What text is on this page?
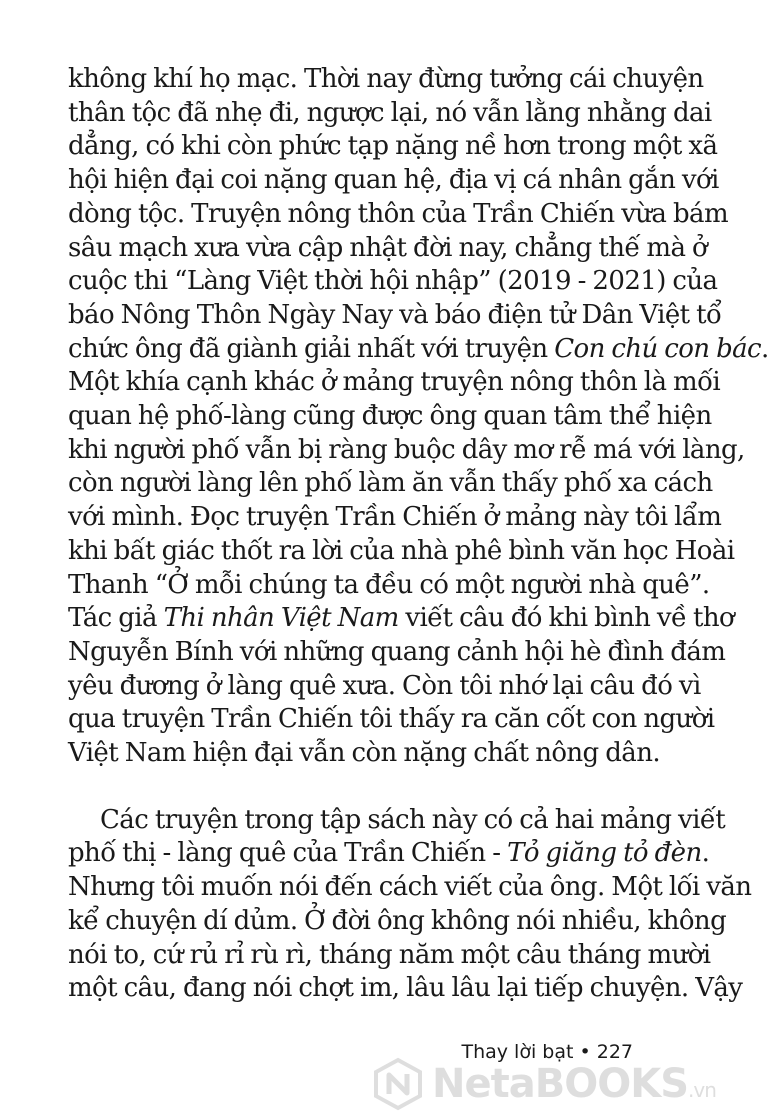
không khí họ mạc. Thời nay đừng tưởng cái chuyện
thân tộc đã nhẹ đi, ngược lại, nó vẫn lằng nhằng dai
dẳng, có khi còn phức tạp nặng nề hơn trong một xã
hội hiện đại coi nặng quan hệ, địa vị cá nhân gắn với
dòng tộc. Truyện nông thôn của Trần Chiến vừa bám
sâu mạch xưa vừa cập nhật đời nay, chẳng thế mà ở
cuộc thi “Làng Việt thời hội nhập” (2019 - 2021) của
báo Nông Thôn Ngày Nay và báo điện tử Dân Việt tổ
chức ông đã giành giải nhất với truyện Con chú con bác.
Một khía cạnh khác ở mảng truyện nông thôn là mối
quan hệ phố-làng cũng được ông quan tâm thể hiện
khi người phố vẫn bị ràng buộc dây mơ rễ má với làng,
còn người làng lên phố làm ăn vẫn thấy phố xa cách
với mình. Đọc truyện Trần Chiến ở mảng này tôi lẩm
khi bất giác thốt ra lời của nhà phê bình văn học Hoài
Thanh “Ở mỗi chúng ta đều có một người nhà quê”.
Tác giả Thi nhân Việt Nam viết câu đó khi bình về thơ
Nguyễn Bính với những quang cảnh hội hè đình đám
yêu đương ở làng quê xưa. Còn tôi nhớ lại câu đó vì
qua truyện Trần Chiến tôi thấy ra căn cốt con người
Việt Nam hiện đại vẫn còn nặng chất nông dân.
Các truyện trong tập sách này có cả hai mảng viết
phố thị - làng quê của Trần Chiến - Tỏ giăng tỏ đèn.
Nhưng tôi muốn nói đến cách viết của ông. Một lối văn
kể chuyện dí dủm. Ở đời ông không nói nhiều, không
nói to, cứ rủ rỉ rù rì, tháng năm một câu tháng mười
một câu, đang nói chợt im, lâu lâu lại tiếp chuyện. Vậy
Thay lời bạt • 227
NetaBOOKS.vn
